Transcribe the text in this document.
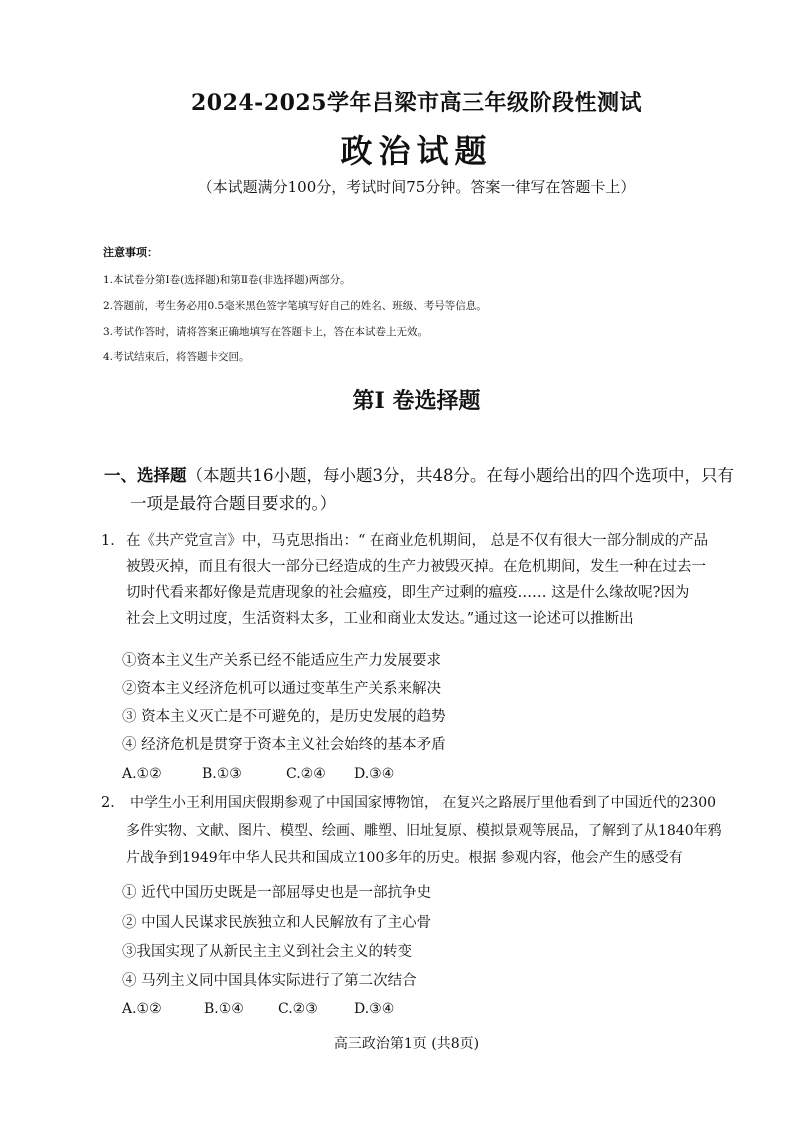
2024-2025学年吕梁市高三年级阶段性测试
政治试题
（本试题满分100分，考试时间75分钟。答案一律写在答题卡上）
注意事项：
1.本试卷分第Ⅰ卷(选择题)和第Ⅱ卷(非选择题)两部分。
2.答题前，考生务必用0.5毫米黑色签字笔填写好自己的姓名、班级、考号等信息。
3.考试作答时，请将答案正确地填写在答题卡上，答在本试卷上无效。
4.考试结束后，将答题卡交回。
第Ⅰ 卷选择题
一、选择题（本题共16小题，每小题3分，共48分。在每小题给出的四个选项中，只有
一项是最符合题目要求的。）
1． 在《共产党宣言》中，马克思指出：“ 在商业危机期间， 总是不仅有很大一部分制成的产品
被毁灭掉，而且有很大一部分已经造成的生产力被毁灭掉。在危机期间，发生一种在过去一
切时代看来都好像是荒唐现象的社会瘟疫，即生产过剩的瘟疫…… 这是什么缘故呢?因为
社会上文明过度，生活资料太多，工业和商业太发达。”通过这一论述可以推断出
①资本主义生产关系已经不能适应生产力发展要求
②资本主义经济危机可以通过变革生产关系来解决
③ 资本主义灭亡是不可避免的，是历史发展的趋势
④ 经济危机是贯穿于资本主义社会始终的基本矛盾
A.①②	B.①③	C.②④ D.③④
2． 中学生小王利用国庆假期参观了中国国家博物馆， 在复兴之路展厅里他看到了中国近代的2300
多件实物、文献、图片、模型、绘画、雕塑、旧址复原、模拟景观等展品，了解到了从1840年鸦
片战争到1949年中华人民共和国成立100多年的历史。根据 参观内容，他会产生的感受有
① 近代中国历史既是一部屈辱史也是一部抗争史
② 中国人民谋求民族独立和人民解放有了主心骨
③我国实现了从新民主主义到社会主义的转变
④ 马列主义同中国具体实际进行了第二次结合
A.①②	B.①④ C.②③	D.③④
高三政治第1页 (共8页)
